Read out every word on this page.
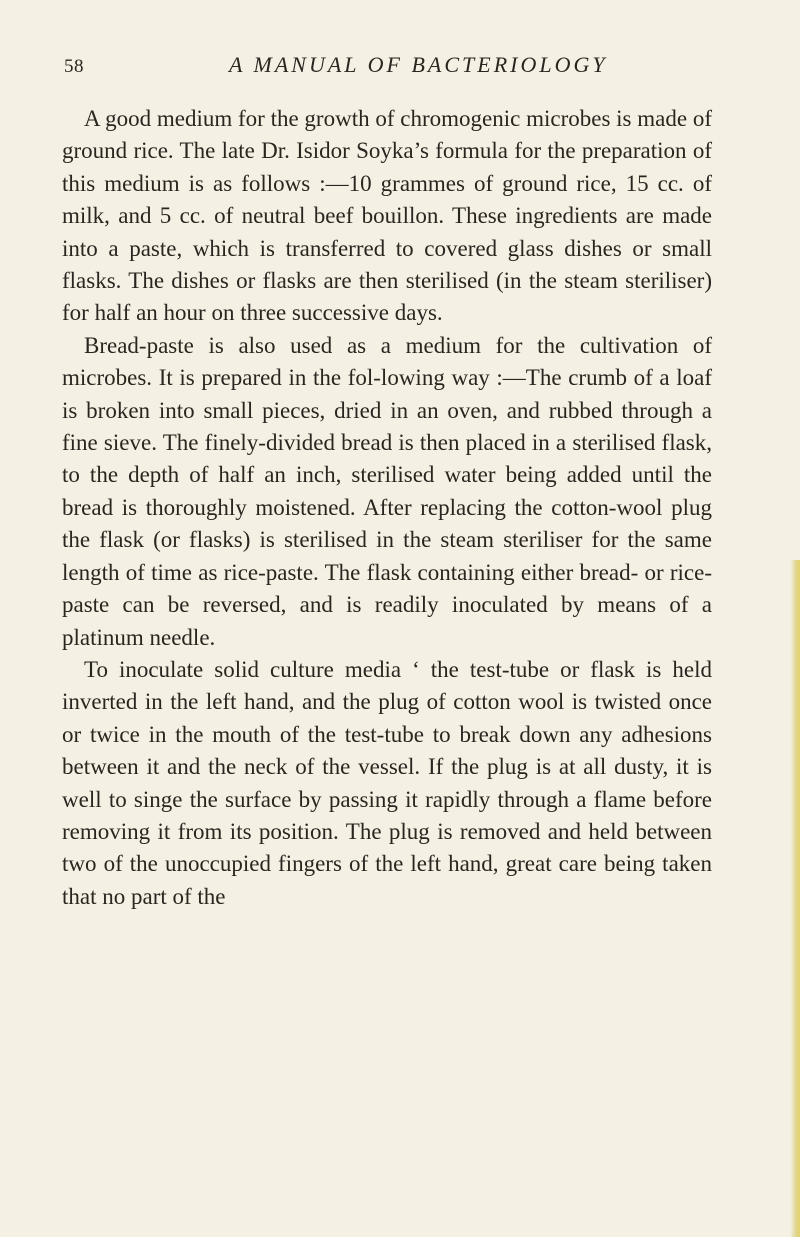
58	A MANUAL OF BACTERIOLOGY

A good medium for the growth of chromogenic microbes is made of ground rice. The late Dr. Isidor Soyka’s formula for the preparation of this medium is as follows :—10 grammes of ground rice, 15 cc. of milk, and 5 cc. of neutral beef bouillon. These ingredients are made into a paste, which is transferred to covered glass dishes or small flasks. The dishes or flasks are then sterilised (in the steam steriliser) for half an hour on three successive days.

Bread-paste is also used as a medium for the cultivation of microbes. It is prepared in the fol-lowing way :—The crumb of a loaf is broken into small pieces, dried in an oven, and rubbed through a fine sieve. The finely-divided bread is then placed in a sterilised flask, to the depth of half an inch, sterilised water being added until the bread is thoroughly moistened. After replacing the cotton-wool plug the flask (or flasks) is sterilised in the steam steriliser for the same length of time as rice-paste. The flask containing either bread- or rice-paste can be reversed, and is readily inoculated by means of a platinum needle.

To inoculate solid culture media ‘ the test-tube or flask is held inverted in the left hand, and the plug of cotton wool is twisted once or twice in the mouth of the test-tube to break down any adhesions between it and the neck of the vessel. If the plug is at all dusty, it is well to singe the surface by passing it rapidly through a flame before removing it from its position. The plug is removed and held between two of the unoccupied fingers of the left hand, great care being taken that no part of the
